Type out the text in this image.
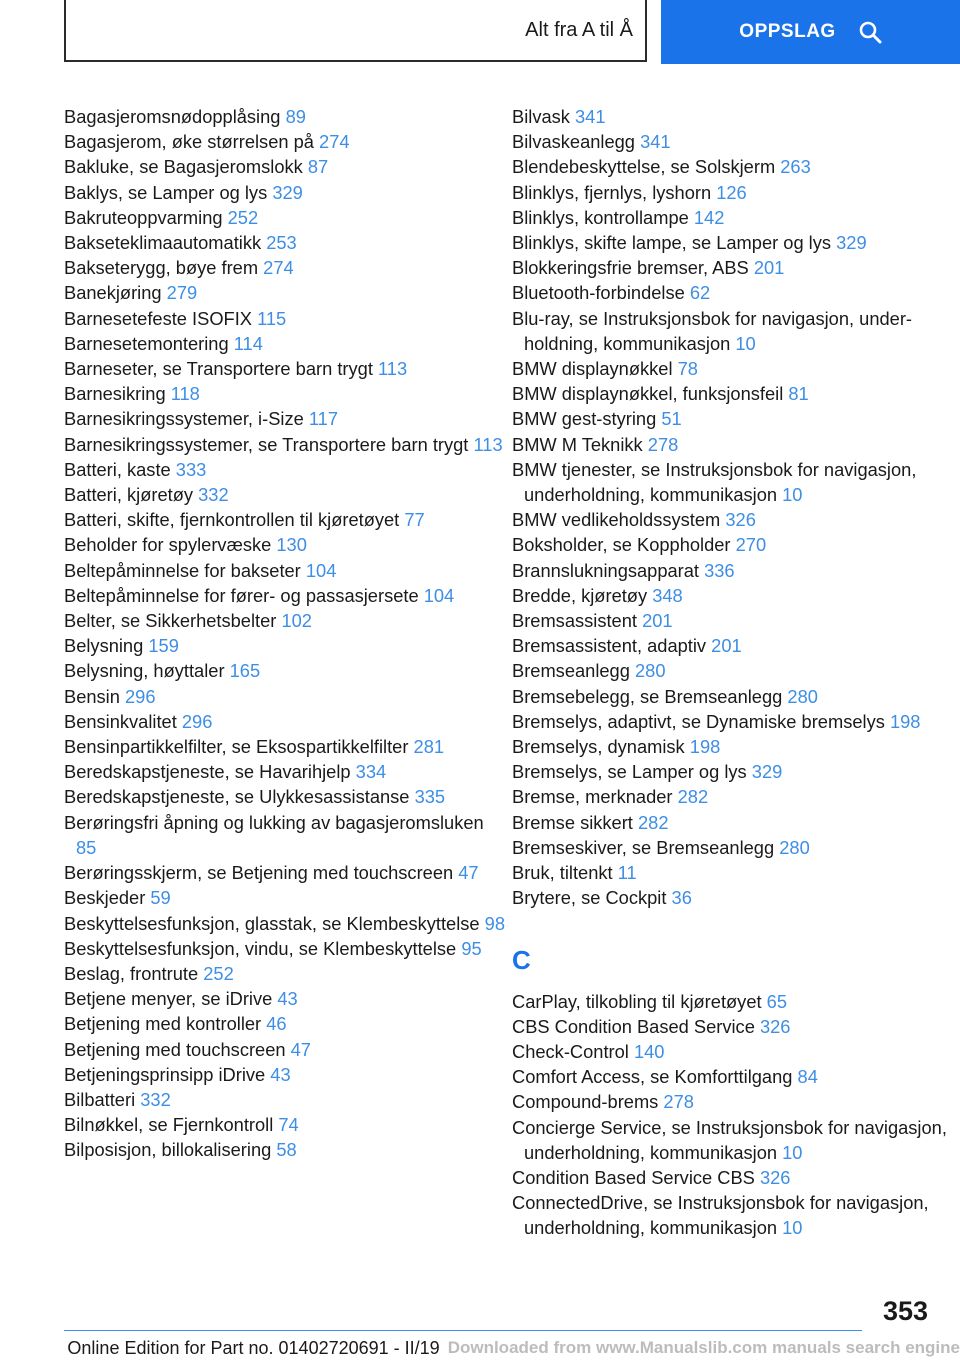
Alt fra A til Å	OPPSLAG
Bagasjeromsnødopplåsing 89
Bagasjerom, øke størrelsen på 274
Bakluke, se Bagasjeromslokk 87
Baklys, se Lamper og lys 329
Bakruteoppvarming 252
Bakseteklimaautomatikk 253
Bakseterygg, bøye frem 274
Banekjøring 279
Barnesetefeste ISOFIX 115
Barnesetemontering 114
Barneseter, se Transportere barn trygt 113
Barnesikring 118
Barnesikringssystemer, i-Size 117
Barnesikringssystemer, se Transportere barn trygt 113
Batteri, kaste 333
Batteri, kjøretøy 332
Batteri, skifte, fjernkontrollen til kjøretøyet 77
Beholder for spylervæske 130
Beltepåminnelse for bakseter 104
Beltepåminnelse for fører- og passasjersete 104
Belter, se Sikkerhetsbelter 102
Belysning 159
Belysning, høyttaler 165
Bensin 296
Bensinkvalitet 296
Bensinpartikkelfilter, se Eksospartikkelfilter 281
Beredskapstjeneste, se Havarihjelp 334
Beredskapstjeneste, se Ulykkesassistanse 335
Berøringsfri åpning og lukking av bagasjeromsluken 85
Berøringsskjerm, se Betjening med touchscreen 47
Beskjeder 59
Beskyttelsesfunksjon, glasstak, se Klembeskyttelse 98
Beskyttelsesfunksjon, vindu, se Klembeskyttelse 95
Beslag, frontrute 252
Betjene menyer, se iDrive 43
Betjening med kontroller 46
Betjening med touchscreen 47
Betjeningsprinsipp iDrive 43
Bilbatteri 332
Bilnøkkel, se Fjernkontroll 74
Bilposisjon, billokalisering 58
Bilvask 341
Bilvaskeanlegg 341
Blendebeskyttelse, se Solskjerm 263
Blinklys, fjernlys, lyshorn 126
Blinklys, kontrollampe 142
Blinklys, skifte lampe, se Lamper og lys 329
Blokkeringsfrie bremser, ABS 201
Bluetooth-forbindelse 62
Blu-ray, se Instruksjonsbok for navigasjon, underholdning, kommunikasjon 10
BMW displaynøkkel 78
BMW displaynøkkel, funksjonsfeil 81
BMW gest-styring 51
BMW M Teknikk 278
BMW tjenester, se Instruksjonsbok for navigasjon, underholdning, kommunikasjon 10
BMW vedlikeholdssystem 326
Boksholder, se Koppholder 270
Brannslukningsapparat 336
Bredde, kjøretøy 348
Bremsassistent 201
Bremsassistent, adaptiv 201
Bremseanlegg 280
Bremsebelegg, se Bremseanlegg 280
Bremselys, adaptivt, se Dynamiske bremselys 198
Bremselys, dynamisk 198
Bremselys, se Lamper og lys 329
Bremse, merknader 282
Bremse sikkert 282
Bremseskiver, se Bremseanlegg 280
Bruk, tiltenkt 11
Brytere, se Cockpit 36
C
CarPlay, tilkobling til kjøretøyet 65
CBS Condition Based Service 326
Check-Control 140
Comfort Access, se Komforttilgang 84
Compound-brems 278
Concierge Service, se Instruksjonsbok for navigasjon, underholdning, kommunikasjon 10
Condition Based Service CBS 326
ConnectedDrive, se Instruksjonsbok for navigasjon, underholdning, kommunikasjon 10
353
Online Edition for Part no. 01402720691 - II/19 Downloaded from www.Manualslib.com manuals search engine
